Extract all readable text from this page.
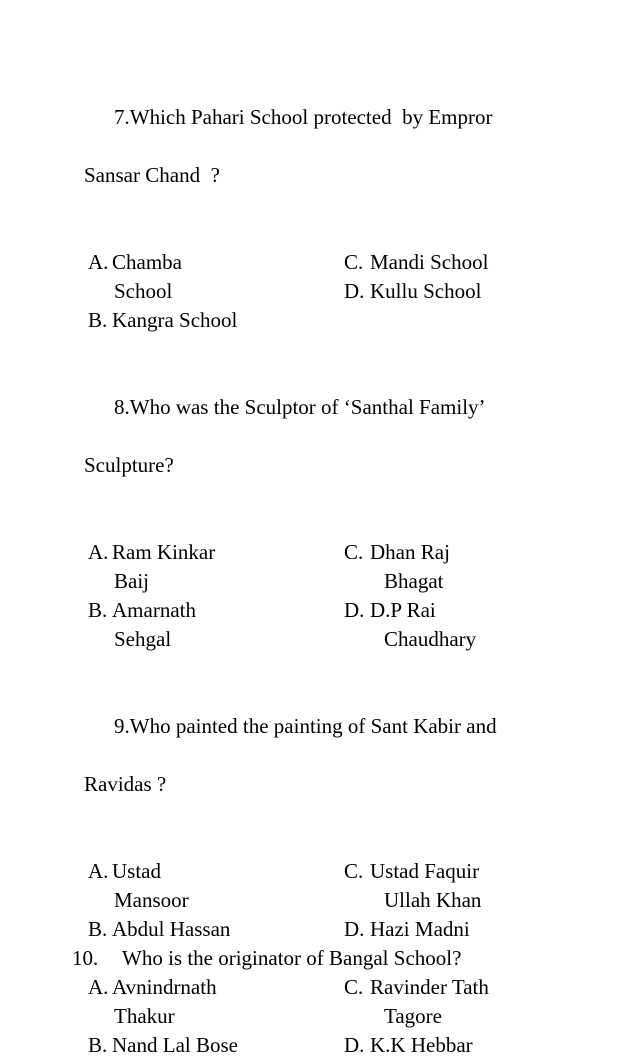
7.Which Pahari School protected  by Empror

Sansar Chand  ?

A. Chamba
School
B. Kangra School
C. Mandi School
D. Kullu School

8.Who was the Sculptor of ‘Santhal Family’

Sculpture?

A. Ram Kinkar
Baij
B. Amarnath
Sehgal
C. Dhan Raj
Bhagat
D. D.P Rai
Chaudhary

9.Who painted the painting of Sant Kabir and

Ravidas ?

A. Ustad
Mansoor
B. Abdul Hassan
C. Ustad Faquir
Ullah Khan
D. Hazi Madni
10.	Who is the originator of Bangal School?
A. Avnindrnath
Thakur
B. Nand Lal Bose
C. Ravinder Tath
Tagore
D. K.K Hebbar
